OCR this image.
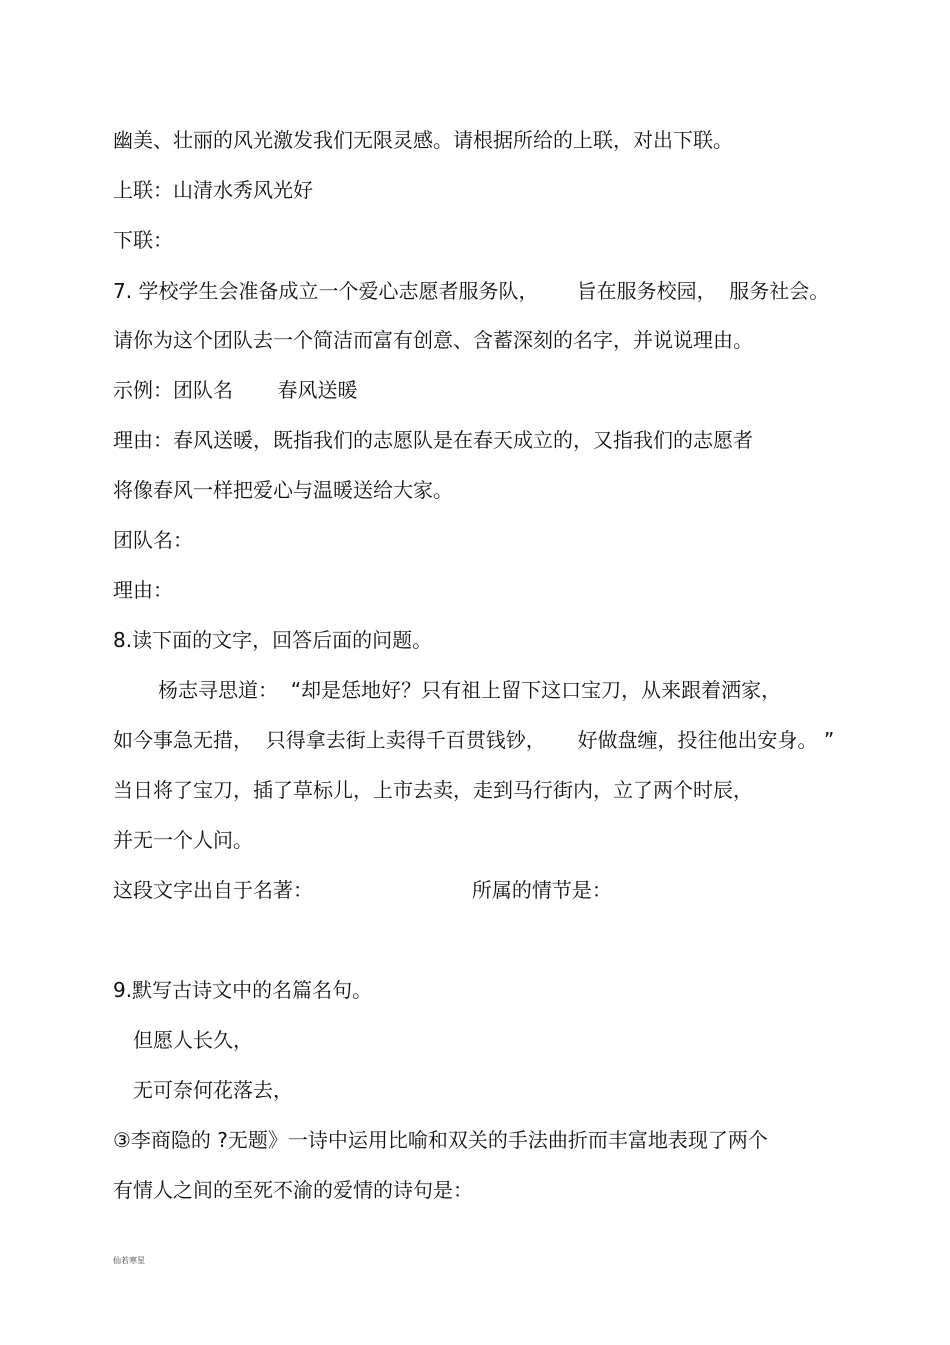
幽美、壮丽的风光激发我们无限灵感。请根据所给的上联，对出下联。
上联：山清水秀风光好
下联：
7. 学校学生会准备成立一个爱心志愿者服务队，      旨在服务校园，  服务社会。
请你为这个团队去一个简洁而富有创意、含蓄深刻的名字，并说说理由。
示例：团队名       春风送暖
理由：春风送暖，既指我们的志愿队是在春天成立的，又指我们的志愿者
将像春风一样把爱心与温暖送给大家。
团队名：
理由：
8.读下面的文字，回答后面的问题。
杨志寻思道：  “却是恁地好？只有祖上留下这口宝刀，从来跟着洒家，
如今事急无措，  只得拿去街上卖得千百贯钱钞，     好做盘缠，投往他出安身。 ”
当日将了宝刀，插了草标儿，上市去卖，走到马行街内，立了两个时辰，
并无一个人问。
这段文字出自于名著：                         所属的情节是：
9.默写古诗文中的名篇名句。
但愿人长久，
无可奈何花落去，
③李商隐的 ?无题》一诗中运用比喻和双关的手法曲折而丰富地表现了两个
有情人之间的至死不渝的爱情的诗句是：
仙若寒星
